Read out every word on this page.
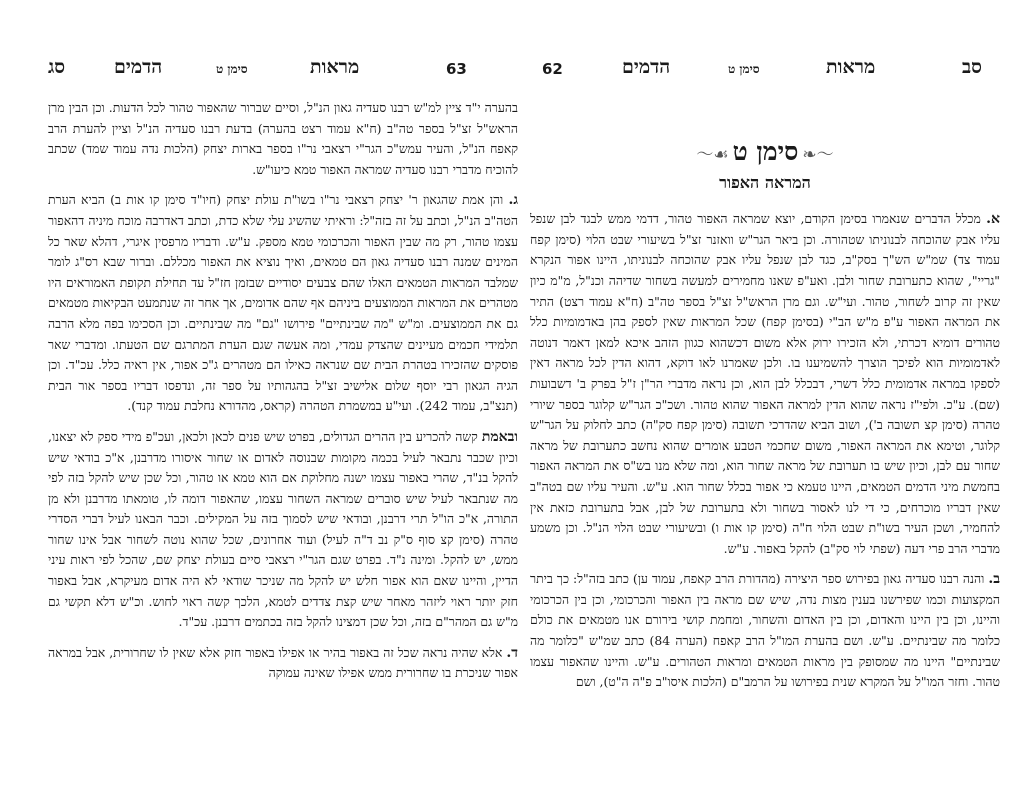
סג	הדמים	סימן ט	מראות	63

בהערה י"ד ציין למ"ש רבנו סעדיה גאון הנ"ל, וסיים שברור שהאפור טהור לכל הדעות. וכן הבין מרן הראש"ל זצ"ל בספר טה"ב (ח"א עמוד רצט בהערה) בדעת רבנו סעדיה הנ"ל וציין להערת הרב קאפח הנ"ל, והעיר עמש"כ הגר"י רצאבי נר"ו בספר בארות יצחק (הלכות נדה עמוד שמד) שכתב להוכיח מדברי רבנו סעדיה שמראה האפור טמא כיעו"ש.

ג. והן אמת שהגאון ר' יצחק רצאבי נר"ו בשו"ת עולת יצחק (חיו"ד סימן קו אות ב) הביא הערת הטה"ב הנ"ל, וכתב על זה בזה"ל: וראיתי שהשיג עלי שלא כדת, וכתב דאדרבה מוכח מיניה דהאפור עצמו טהור, רק מה שבין האפור והכרכומי טמא מספק. ע"ש. ודבריו מרפסין איגרי, דהלא שאר כל המינים שמנה רבנו סעדיה גאון הם טמאים, ואיך נוציא את האפור מכללם. וברור שבא רס"ג לומר שמלבד המראות הטמאים האלו שהם צבעים יסודיים שבזמן חז"ל עד תחילת תקופת האמוראים היו מטהרים את המראות הממוצעים ביניהם אף שהם אדומים, אך אחר זה שנתמעט הבקיאות מטמאים גם את הממוצעים. ומ"ש "מה שבינתיים" פירושו "גם" מה שבינתיים. וכן הסכימו בפה מלא הרבה תלמידי חכמים מעיינים שהצדק עמדי, ומה אעשה שגם הערת המתרגם שם הטעתו. ומדברי שאר פוסקים שהזכירו בטהרת הבית שם שנראה כאילו הם מטהרים ג"כ אפור, אין ראיה כלל. עכ"ד. וכן הגיה הגאון רבי יוסף שלום אלישיב זצ"ל בהגהותיו על ספר זה, ונדפסו דבריו בספר אור הבית (תנצ"ב, עמוד 242). ועי"ע במשמרת הטהרה (קראס, מהדורא נחלבת עמוד קנד).

ובאמת קשה להכריע בין ההרים הגדולים, בפרט שיש פנים לכאן ולכאן, ועכ"פ מידי ספק לא יצאנו, וכיון שכבר נתבאר לעיל בכמה מקומות שבנוסה לאדום או שחור איסורו מדרבנן, א"כ בודאי שיש להקל בנ"ד, שהרי באפור עצמו ישנה מחלוקת אם הוא טמא או טהור, וכל שכן שיש להקל בזה לפי מה שנתבאר לעיל שיש סוברים שמראה השחור עצמו, שהאפור דומה לו, טומאתו מדרבנן ולא מן התורה, א"כ הו"ל תרי דרבנן, ובודאי שיש לסמוך בזה על המקילים. וכבר הבאנו לעיל דברי הסדרי טהרה (סימן קצ סוף ס"ק נב ד"ה לעיל) ועוד אחרונים, שכל שהוא נוטה לשחור אבל אינו שחור ממש, יש להקל. ומינה נ"ד. בפרט שגם הגר"י רצאבי סיים בעולת יצחק שם, שהכל לפי ראות עיני הדיין, והיינו שאם הוא אפור חלש יש להקל מה שניכר שודאי לא היה אדום מעיקרא, אבל באפור חזק יותר ראוי ליזהר מאחר שיש קצת צדדים לטמא, הלכך קשה ראוי לחוש. וכ"ש דלא תקשי גם מ"ש גם המהר"ם בזה, וכל שכן דמצינו להקל בזה בכתמים דרבנן. עכ"ד.

ד. אלא שהיה נראה שכל זה באפור בהיר או אפילו באפור חזק אלא שאין לו שחרורית, אבל במראה אפור שניכרת בו שחרורית ממש אפילו שאינה עמוקה

62	הדמים	סימן ט	מראות	סב
〜☙ סימן ט ❧〜
המראה האפור

א. מכלל הדברים שנאמרו בסימן הקודם, יוצא שמראה האפור טהור, דדמי ממש לבגד לבן שנפל עליו אבק שהוכחה לבנוניתו שטהורה. וכן ביאר הגר"ש וואזנר זצ"ל בשיעורי שבט הלוי (סימן קפח עמוד צד) שמ"ש הש"ך בסק"ב, כגד לבן שנפל עליו אבק שהוכחה לבנוניתו, היינו אפור הנקרא "גריי", שהוא כתערובת שחור ולבן. ואע"פ שאנו מחמירים למעשה בשחור שדיהה וכנ"ל, מ"מ כיון שאין זה קרוב לשחור, טהור. ועי"ש. וגם מרן הראש"ל זצ"ל בספר טה"ב (ח"א עמוד רצט) התיר את המראה האפור ע"פ מ"ש הב"י (בסימן קפח) שכל המראות שאין לספק בהן באדמומיות כלל טהורים דומיא דכרתי, ולא הזכירו ירוק אלא משום דכשהוא כגוון הזהב איכא למאן דאמר דנוטה לאדמומיות הוא לפיכך הוצרך להשמיענו בו. ולכן שאמרנו לאו דוקא, דהוא הדין לכל מראה דאין לספקו במראה אדמומית כלל דשרי, דבכלל לבן הוא, וכן נראה מדברי הר"ן ז"ל בפרק ב' דשבועות (שם). ע"כ. ולפי"ז נראה שהוא הדין למראה האפור שהוא טהור. ושכ"כ הגר"ש קלוגר בספר שיורי טהרה (סימן קצ תשובה ב'), ושוב הביא שהדרכי תשובה (סימן קפח סק"ה) כתב לחלוק על הגר"ש קלוגר, וטימא את המראה האפור, משום שחכמי הטבע אומרים שהוא נחשב כתערובת של מראה שחור עם לבן, וכיון שיש בו תערובת של מראה שחור הוא, ומה שלא מנו בש"ס את המראה האפור בחמשת מיני הדמים הטמאים, היינו טעמא כי אפור בכלל שחור הוא. ע"ש. והעיר עליו שם בטה"ב שאין דבריו מוכרחים, כי די לנו לאסור בשחור ולא בתערובת של לבן, אבל בתערובת כזאת אין להחמיר, ושכן העיר בשו"ת שבט הלוי ח"ה (סימן קו אות ו) ובשיעורי שבט הלוי הנ"ל. וכן משמע מדברי הרב פרי דעה (שפתי לוי סק"ב) להקל באפור. ע"ש.

ב. והנה רבנו סעדיה גאון בפירוש ספר היצירה (מהדורת הרב קאפח, עמוד ען) כתב בזה"ל: כך ביתר המקצועות וכמו שפירשנו בענין מצות נדה, שיש שם מראה בין האפור והכרכומי, וכן בין הכרכומי והיינו, וכן בין היינו והאדום, וכן בין האדום והשחור, ומחמת קושי בירורם אנו מטמאים את כולם כלומר מה שבינתיים. ע"ש. ושם בהערת המו"ל הרב קאפח (הערה 84) כתב שמ"ש "כלומר מה שבינתיים" היינו מה שמסופק בין מראות הטמאים ומראות הטהורים. ע"ש. והיינו שהאפור עצמו טהור. וחזר המו"ל על המקרא שנית בפירושו על הרמב"ם (הלכות איסו"ב פ"ה ה"ט), ושם
